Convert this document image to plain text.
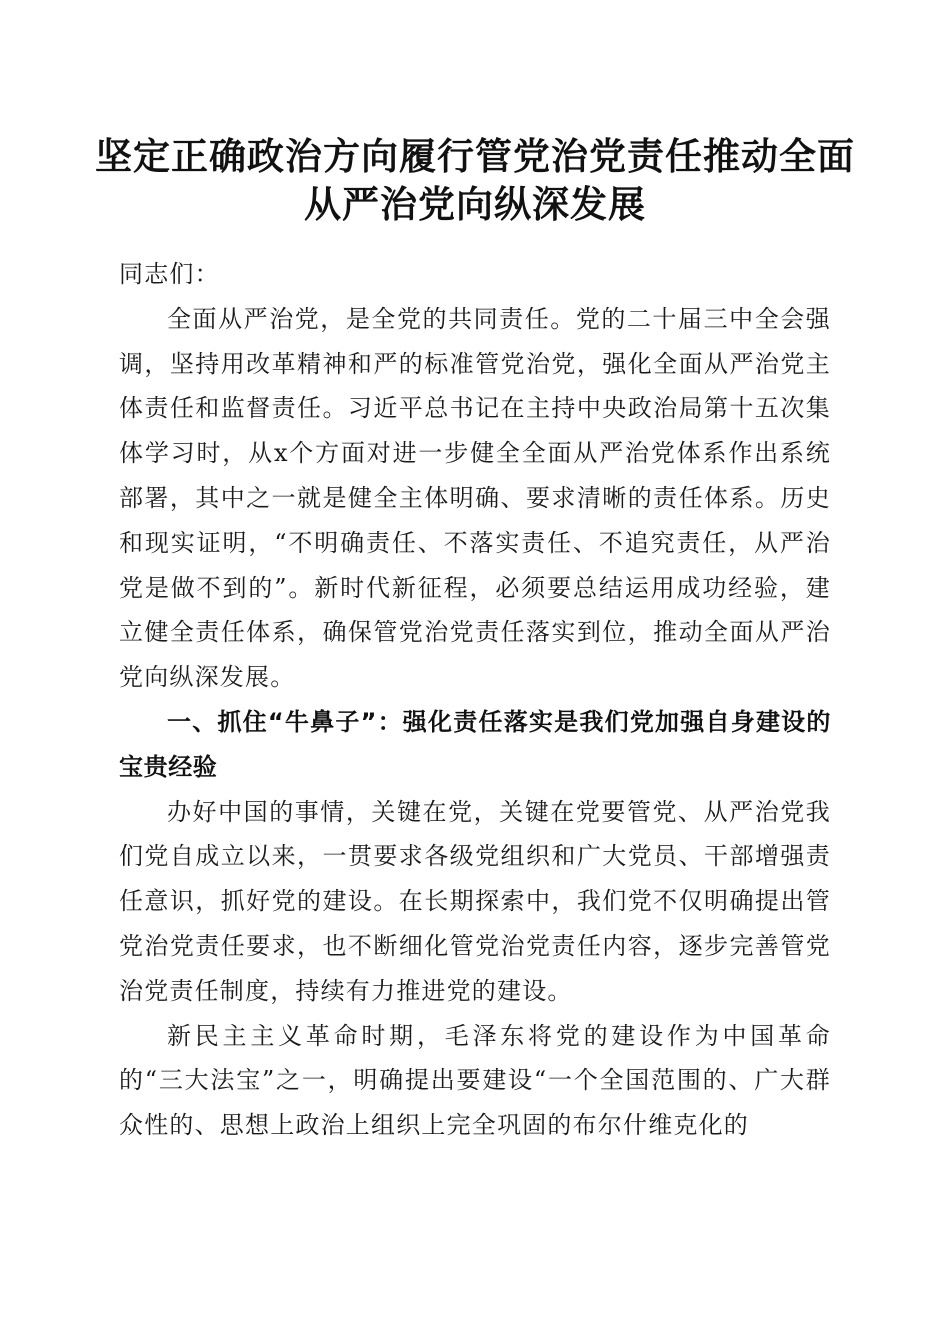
坚定正确政治方向履行管党治党责任推动全面
从严治党向纵深发展

同志们：

全面从严治党，是全党的共同责任。党的二十届三中全会强调，坚持用改革精神和严的标准管党治党，强化全面从严治党主体责任和监督责任。习近平总书记在主持中央政治局第十五次集体学习时，从x个方面对进一步健全全面从严治党体系作出系统部署，其中之一就是健全主体明确、要求清晰的责任体系。历史和现实证明，“不明确责任、不落实责任、不追究责任，从严治党是做不到的”。新时代新征程，必须要总结运用成功经验，建立健全责任体系，确保管党治党责任落实到位，推动全面从严治党向纵深发展。

一、抓住“牛鼻子”：强化责任落实是我们党加强自身建设的宝贵经验

办好中国的事情，关键在党，关键在党要管党、从严治党我们党自成立以来，一贯要求各级党组织和广大党员、干部增强责任意识，抓好党的建设。在长期探索中，我们党不仅明确提出管党治党责任要求，也不断细化管党治党责任内容，逐步完善管党治党责任制度，持续有力推进党的建设。

新民主主义革命时期，毛泽东将党的建设作为中国革命的“三大法宝”之一，明确提出要建设“一个全国范围的、广大群众性的、思想上政治上组织上完全巩固的布尔什维克化的
